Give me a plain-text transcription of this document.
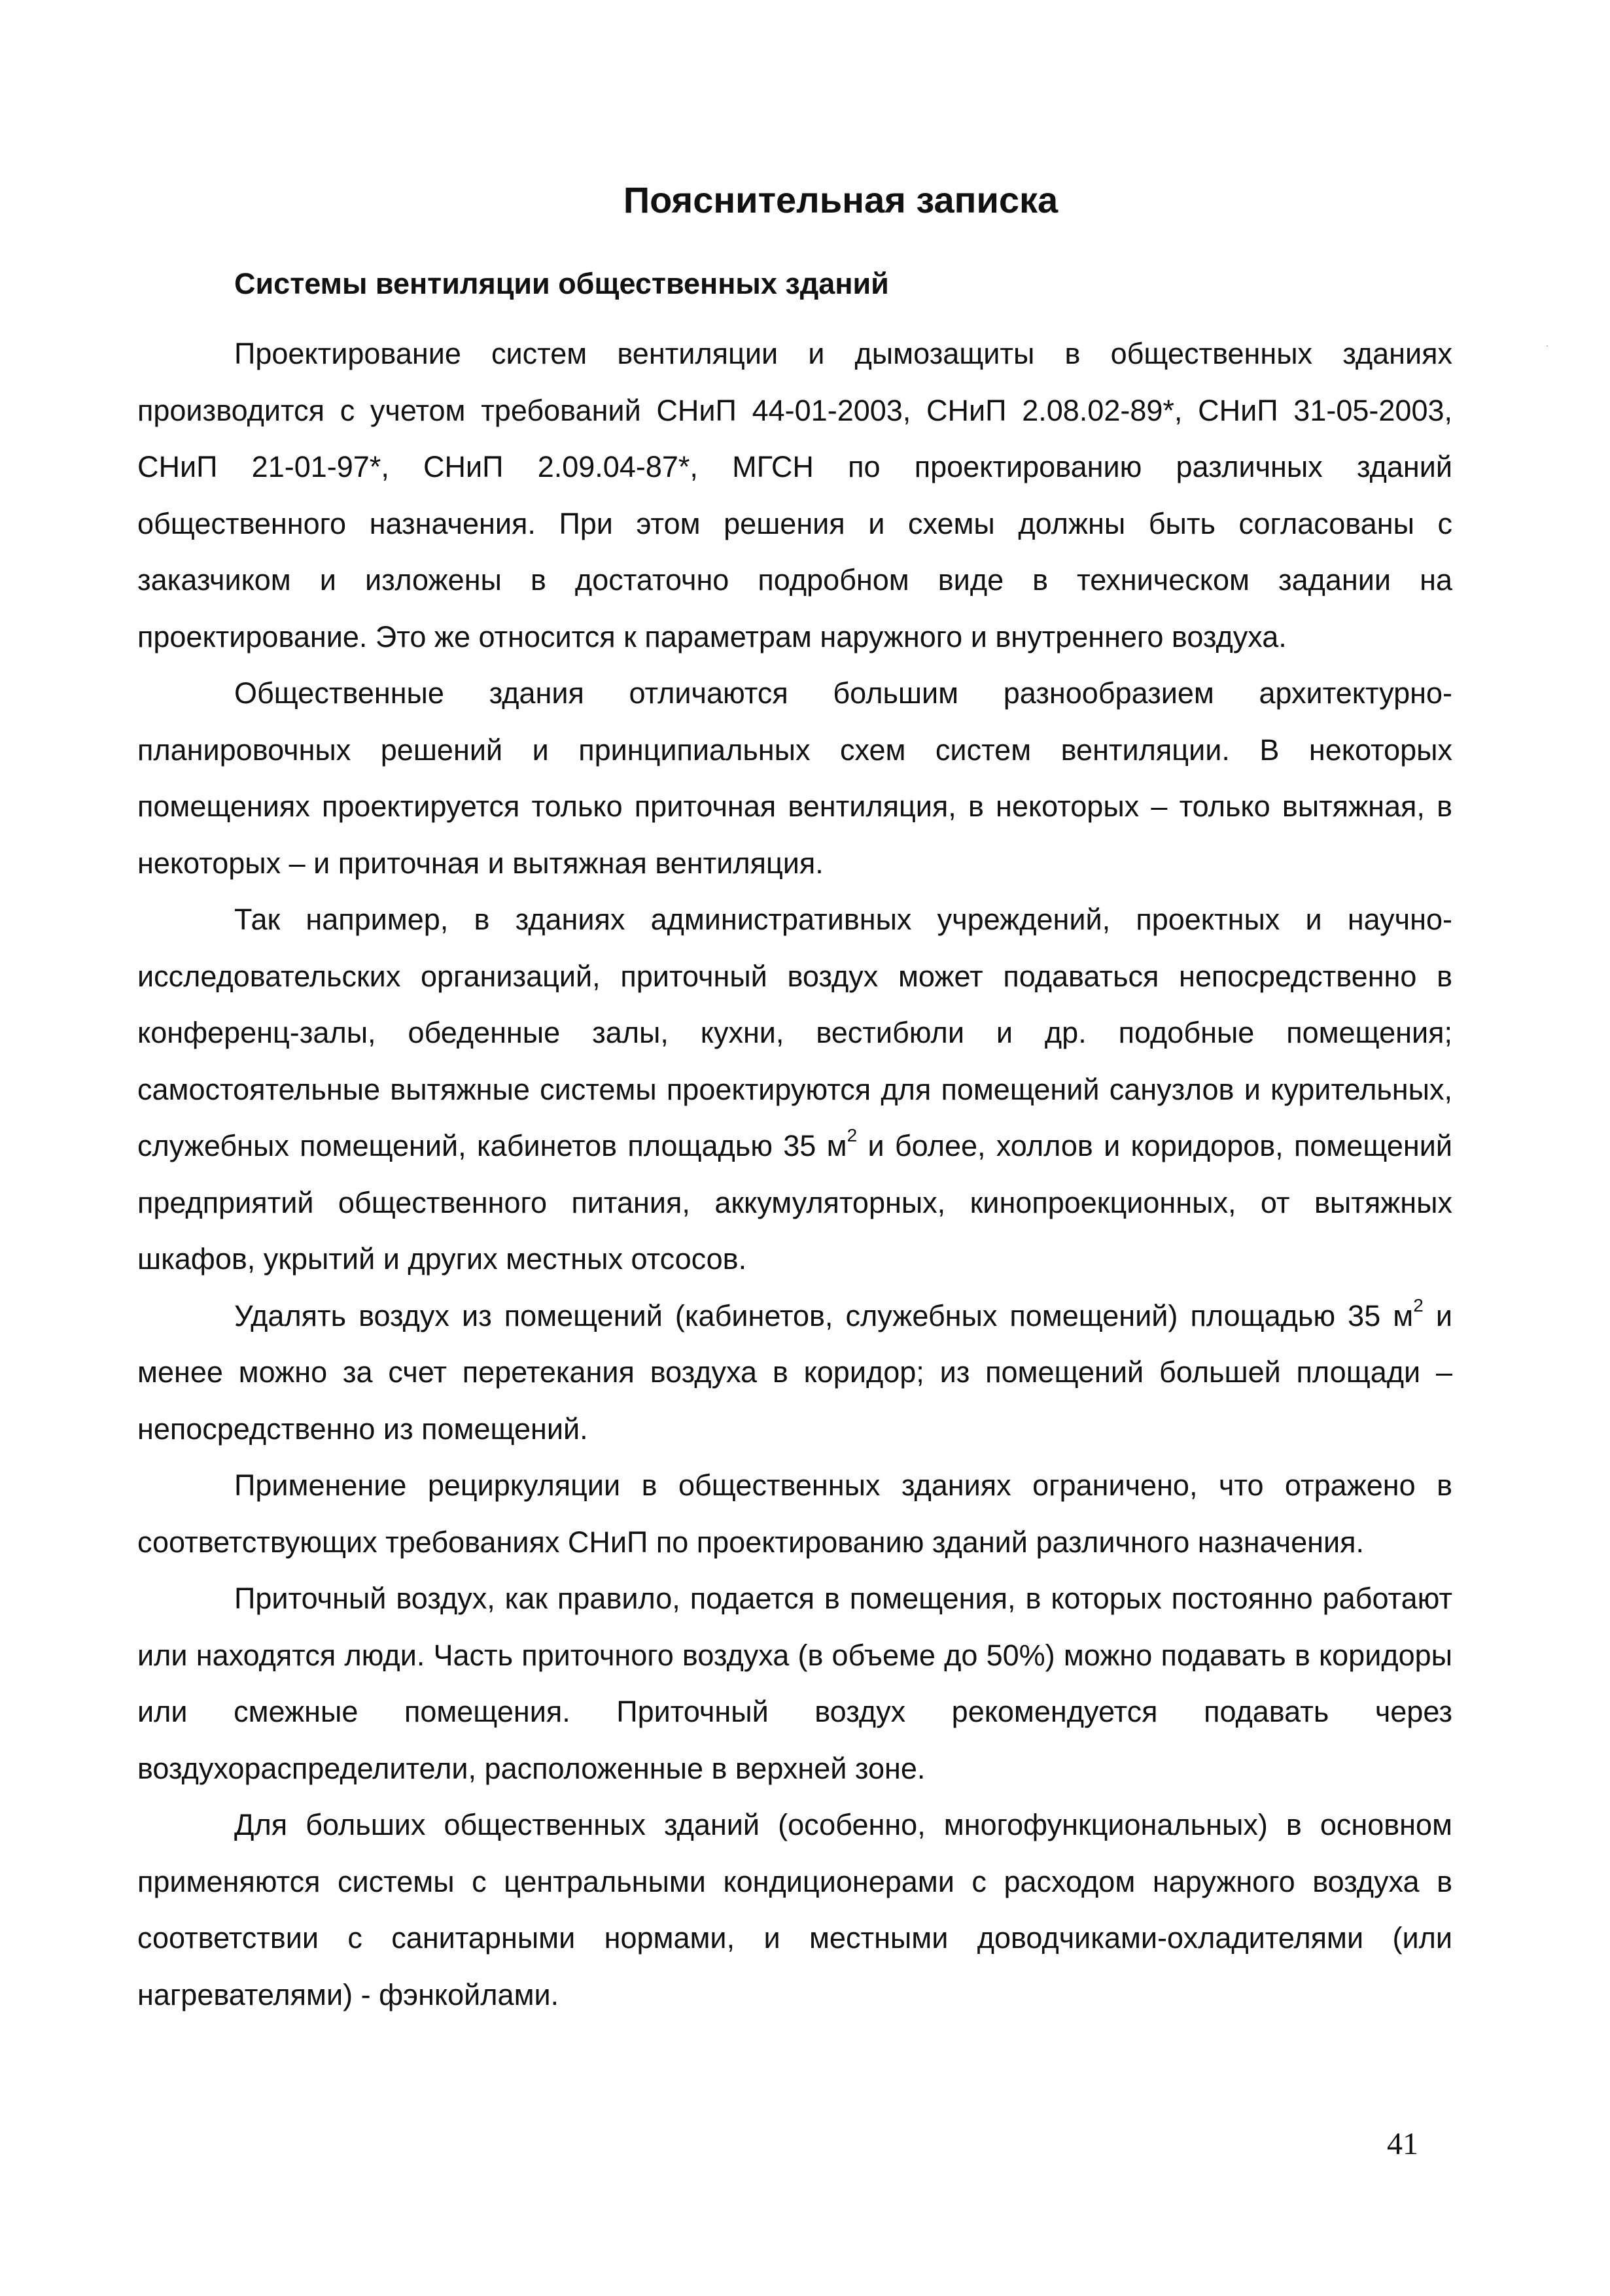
Пояснительная записка
Системы вентиляции общественных зданий

Проектирование систем вентиляции и дымозащиты в общественных зданиях производится с учетом требований СНиП 44-01-2003, СНиП 2.08.02-89*, СНиП 31-05-2003, СНиП 21-01-97*, СНиП 2.09.04-87*, МГСН по проектированию различных зданий общественного назначения. При этом решения и схемы должны быть согласованы с заказчиком и изложены в достаточно подробном виде в техническом задании на проектирование. Это же относится к параметрам наружного и внутреннего воздуха.

Общественные здания отличаются большим разнообразием архитектурно-планировочных решений и принципиальных схем систем вентиляции. В некоторых помещениях проектируется только приточная вентиляция, в некоторых – только вытяжная, в некоторых – и приточная и вытяжная вентиляция.

Так например, в зданиях административных учреждений, проектных и научно-исследовательских организаций, приточный воздух может подаваться непосредственно в конференц-залы, обеденные залы, кухни, вестибюли и др. подобные помещения; самостоятельные вытяжные системы проектируются для помещений санузлов и курительных, служебных помещений, кабинетов площадью 35 $м^2$ и более, холлов и коридоров, помещений предприятий общественного питания, аккумуляторных, кинопроекционных, от вытяжных шкафов, укрытий и других местных отсосов.

Удалять воздух из помещений (кабинетов, служебных помещений) площадью 35 $м^2$ и менее можно за счет перетекания воздуха в коридор; из помещений большей площади – непосредственно из помещений.

Применение рециркуляции в общественных зданиях ограничено, что отражено в соответствующих требованиях СНиП по проектированию зданий различного назначения.

Приточный воздух, как правило, подается в помещения, в которых постоянно работают или находятся люди. Часть приточного воздуха (в объеме до 50%) можно подавать в коридоры или смежные помещения. Приточный воздух рекомендуется подавать через воздухораспределители, расположенные в верхней зоне.

Для больших общественных зданий (особенно, многофункциональных) в основном применяются системы с центральными кондиционерами с расходом наружного воздуха в соответствии с санитарными нормами, и местными доводчиками-охладителями (или нагревателями) - фэнкойлами.

41
